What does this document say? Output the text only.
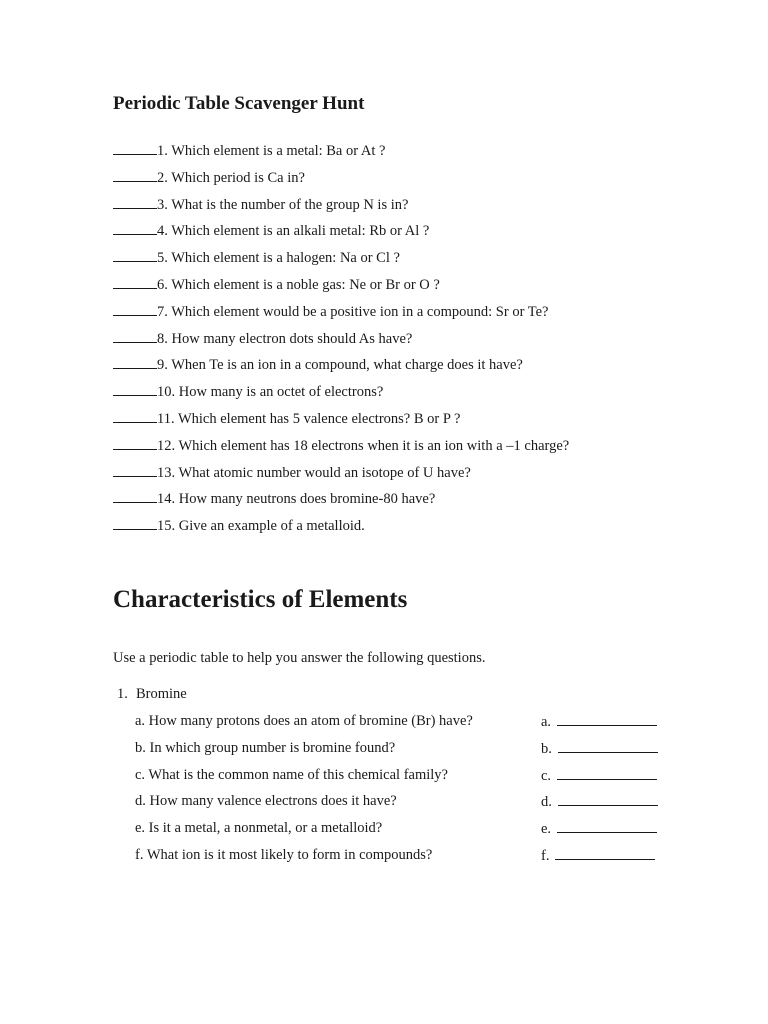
Periodic Table Scavenger Hunt
1. Which element is a metal: Ba or At ?
2. Which period is Ca in?
3. What is the number of the group N is in?
4. Which element is an alkali metal: Rb or Al ?
5. Which element is a halogen: Na or Cl ?
6. Which element is a noble gas: Ne or Br or O ?
7. Which element would be a positive ion in a compound: Sr or Te?
8. How many electron dots should As have?
9. When Te is an ion in a compound, what charge does it have?
10. How many is an octet of electrons?
11. Which element has 5 valence electrons? B or P ?
12. Which element has 18 electrons when it is an ion with a –1 charge?
13. What atomic number would an isotope of U have?
14. How many neutrons does bromine-80 have?
15. Give an example of a metalloid.
Characteristics of Elements

Use a periodic table to help you answer the following questions.

1. Bromine
a. How many protons does an atom of bromine (Br) have?	a.
b. In which group number is bromine found?	b.
c. What is the common name of this chemical family?	c.
d. How many valence electrons does it have?	d.
e. Is it a metal, a nonmetal, or a metalloid?	e.
f. What ion is it most likely to form in compounds?	f.
